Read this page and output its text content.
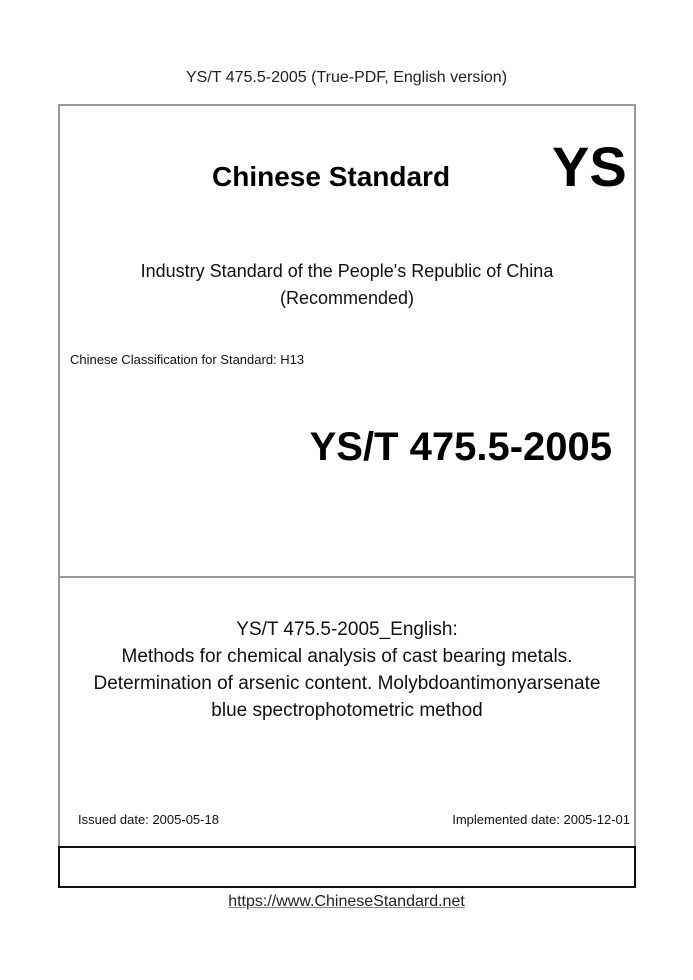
YS/T 475.5-2005 (True-PDF, English version)
Chinese Standard YS
Industry Standard of the People's Republic of China
(Recommended)
Chinese Classification for Standard: H13
YS/T 475.5-2005
YS/T 475.5-2005_English:
Methods for chemical analysis of cast bearing metals.
Determination of arsenic content. Molybdoantimonyarsenate
blue spectrophotometric method
Issued date: 2005-05-18	Implemented date: 2005-12-01
https://www.ChineseStandard.net
